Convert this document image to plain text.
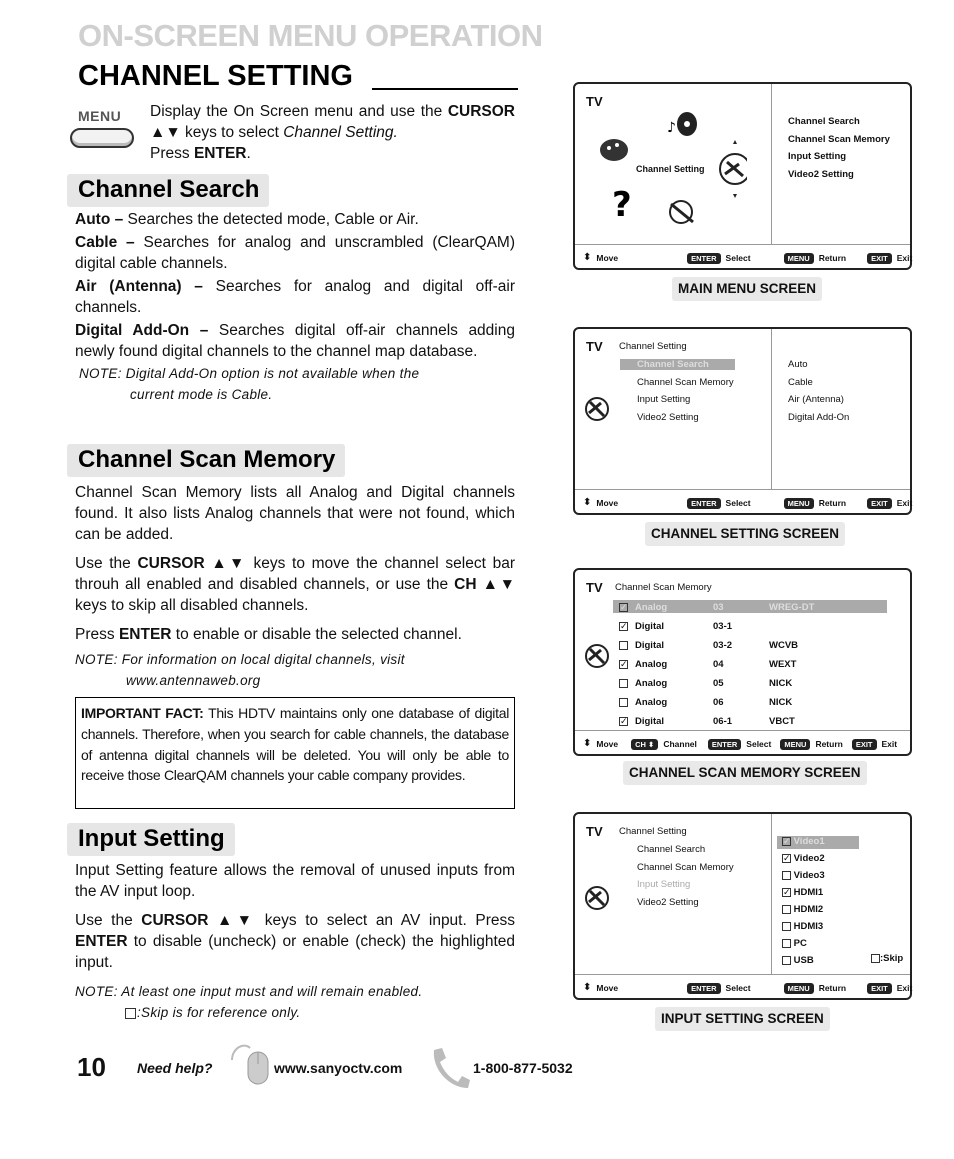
ON-SCREEN MENU OPERATION
CHANNEL SETTING
MENU Display the On Screen menu and use the CURSOR ▲▼ keys to select Channel Setting.
Press ENTER.
Channel Search
Auto – Searches the detected mode, Cable or Air.
Cable – Searches for analog and unscrambled (ClearQAM) digital cable channels.
Air (Antenna) – Searches for analog and digital off-air channels.
Digital Add-On – Searches digital off-air channels adding newly found digital channels to the channel map database.
NOTE: Digital Add-On option is not available when the
current mode is Cable.
Channel Scan Memory
Channel Scan Memory lists all Analog and Digital channels found. It also lists Analog channels that were not found, which can be added.
Use the CURSOR ▲▼ keys to move the channel select bar throuh all enabled and disabled channels, or use the CH ▲▼ keys to skip all disabled channels.
Press ENTER to enable or disable the selected channel.
NOTE: For information on local digital channels, visit
www.antennaweb.org
IMPORTANT FACT: This HDTV maintains only one database of digital channels. Therefore, when you search for cable channels, the database of antenna digital channels will be deleted. You will only be able to receive those ClearQAM channels your cable company provides.
Input Setting
Input Setting feature allows the removal of unused inputs from the AV input loop.
Use the CURSOR ▲▼ keys to select an AV input. Press ENTER to disable (uncheck) or enable (check) the highlighted input.
NOTE: At least one input must and will remain enabled.
:Skip is for reference only.
TV
♪
?
Channel Setting
Channel Search
Channel Scan Memory
Input Setting
Video2 Setting
⬍ Move	ENTER	Select	MENU	Return	EXIT	Exit
MAIN MENU SCREEN
TV Channel Setting
Channel Search
Channel Scan Memory
Input Setting
Video2 Setting
Auto
Cable
Air (Antenna)
Digital Add-On
⬍ Move	ENTER	Select	MENU	Return	EXIT	Exit
CHANNEL SETTING SCREEN
TV Channel Scan Memory
✓ Analog	03	WREG-DT
✓ Digital	03-1
Digital	03-2	WCVB
✓ Analog	04	WEXT
Analog	05	NICK
Analog	06	NICK
✓ Digital	06-1	VBCT
⬍ Move	CH ⬍	Channel	ENTER	Select	MENU	Return	EXIT	Exit
CHANNEL SCAN MEMORY SCREEN
TV Channel Setting
Channel Search
Channel Scan Memory
Input Setting
Video2 Setting
✓ Video1
✓ Video2
Video3
✓ HDMI1
HDMI2
HDMI3
PC
USB	:Skip
⬍ Move	ENTER	Select	MENU	Return	EXIT	Exit
INPUT SETTING SCREEN
10 Need help?	www.sanyoctv.com	1-800-877-5032
